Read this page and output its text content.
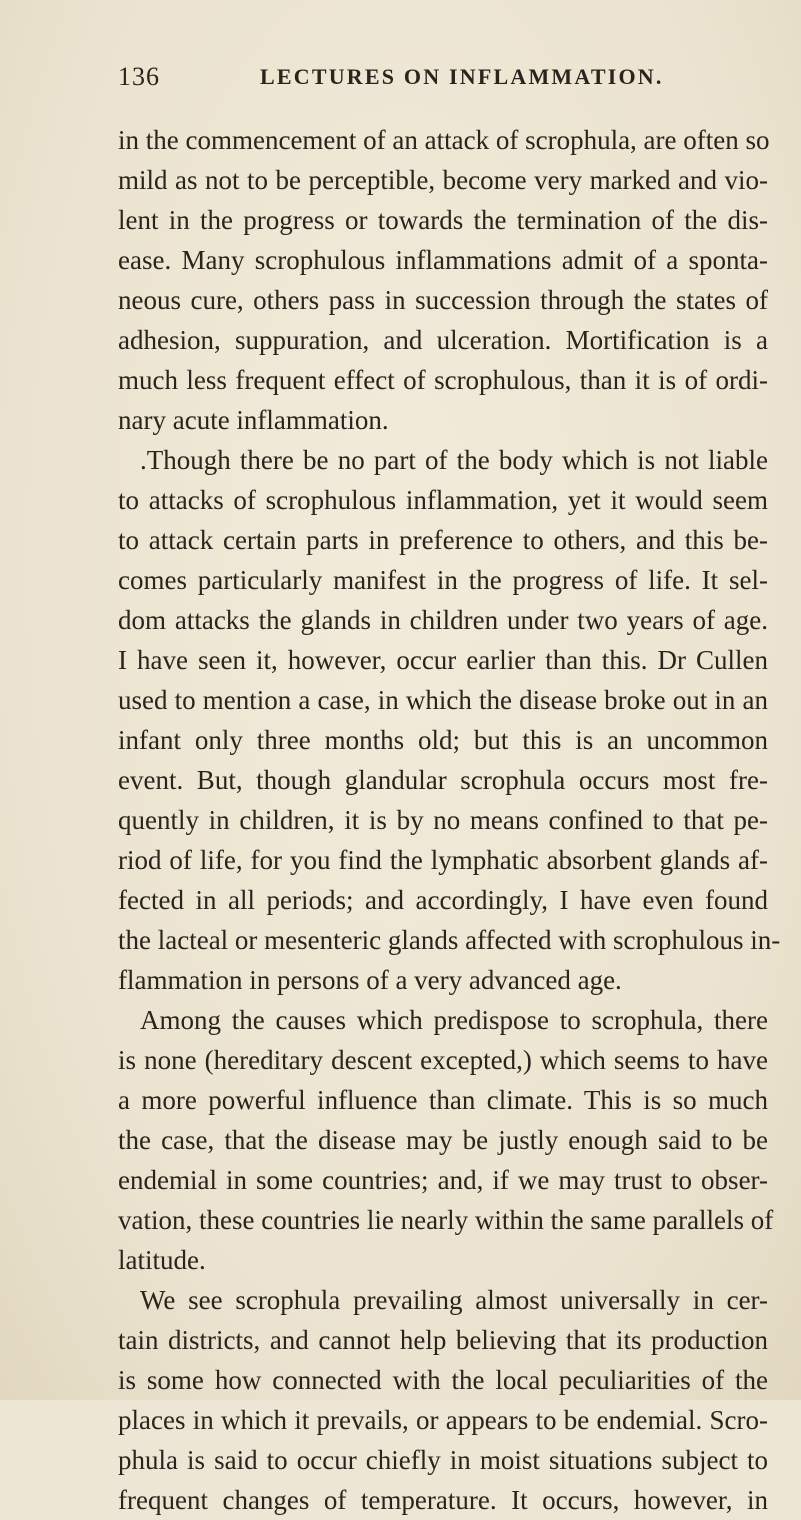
136	LECTURES ON INFLAMMATION.
in the commencement of an attack of scrophula, are often so
mild as not to be perceptible, become very marked and vio-
lent in the progress or towards the termination of the dis-
ease. Many scrophulous inflammations admit of a sponta-
neous cure, others pass in succession through the states of
adhesion, suppuration, and ulceration. Mortification is a
much less frequent effect of scrophulous, than it is of ordi-
nary acute inflammation.
.Though there be no part of the body which is not liable
to attacks of scrophulous inflammation, yet it would seem
to attack certain parts in preference to others, and this be-
comes particularly manifest in the progress of life. It sel-
dom attacks the glands in children under two years of age.
I have seen it, however, occur earlier than this. Dr Cullen
used to mention a case, in which the disease broke out in an
infant only three months old; but this is an uncommon
event. But, though glandular scrophula occurs most fre-
quently in children, it is by no means confined to that pe-
riod of life, for you find the lymphatic absorbent glands af-
fected in all periods; and accordingly, I have even found
the lacteal or mesenteric glands affected with scrophulous in-
flammation in persons of a very advanced age.
Among the causes which predispose to scrophula, there
is none (hereditary descent excepted,) which seems to have
a more powerful influence than climate. This is so much
the case, that the disease may be justly enough said to be
endemial in some countries; and, if we may trust to obser-
vation, these countries lie nearly within the same parallels of
latitude.
We see scrophula prevailing almost universally in cer-
tain districts, and cannot help believing that its production
is some how connected with the local peculiarities of the
places in which it prevails, or appears to be endemial. Scro-
phula is said to occur chiefly in moist situations subject to
frequent changes of temperature. It occurs, however, in
